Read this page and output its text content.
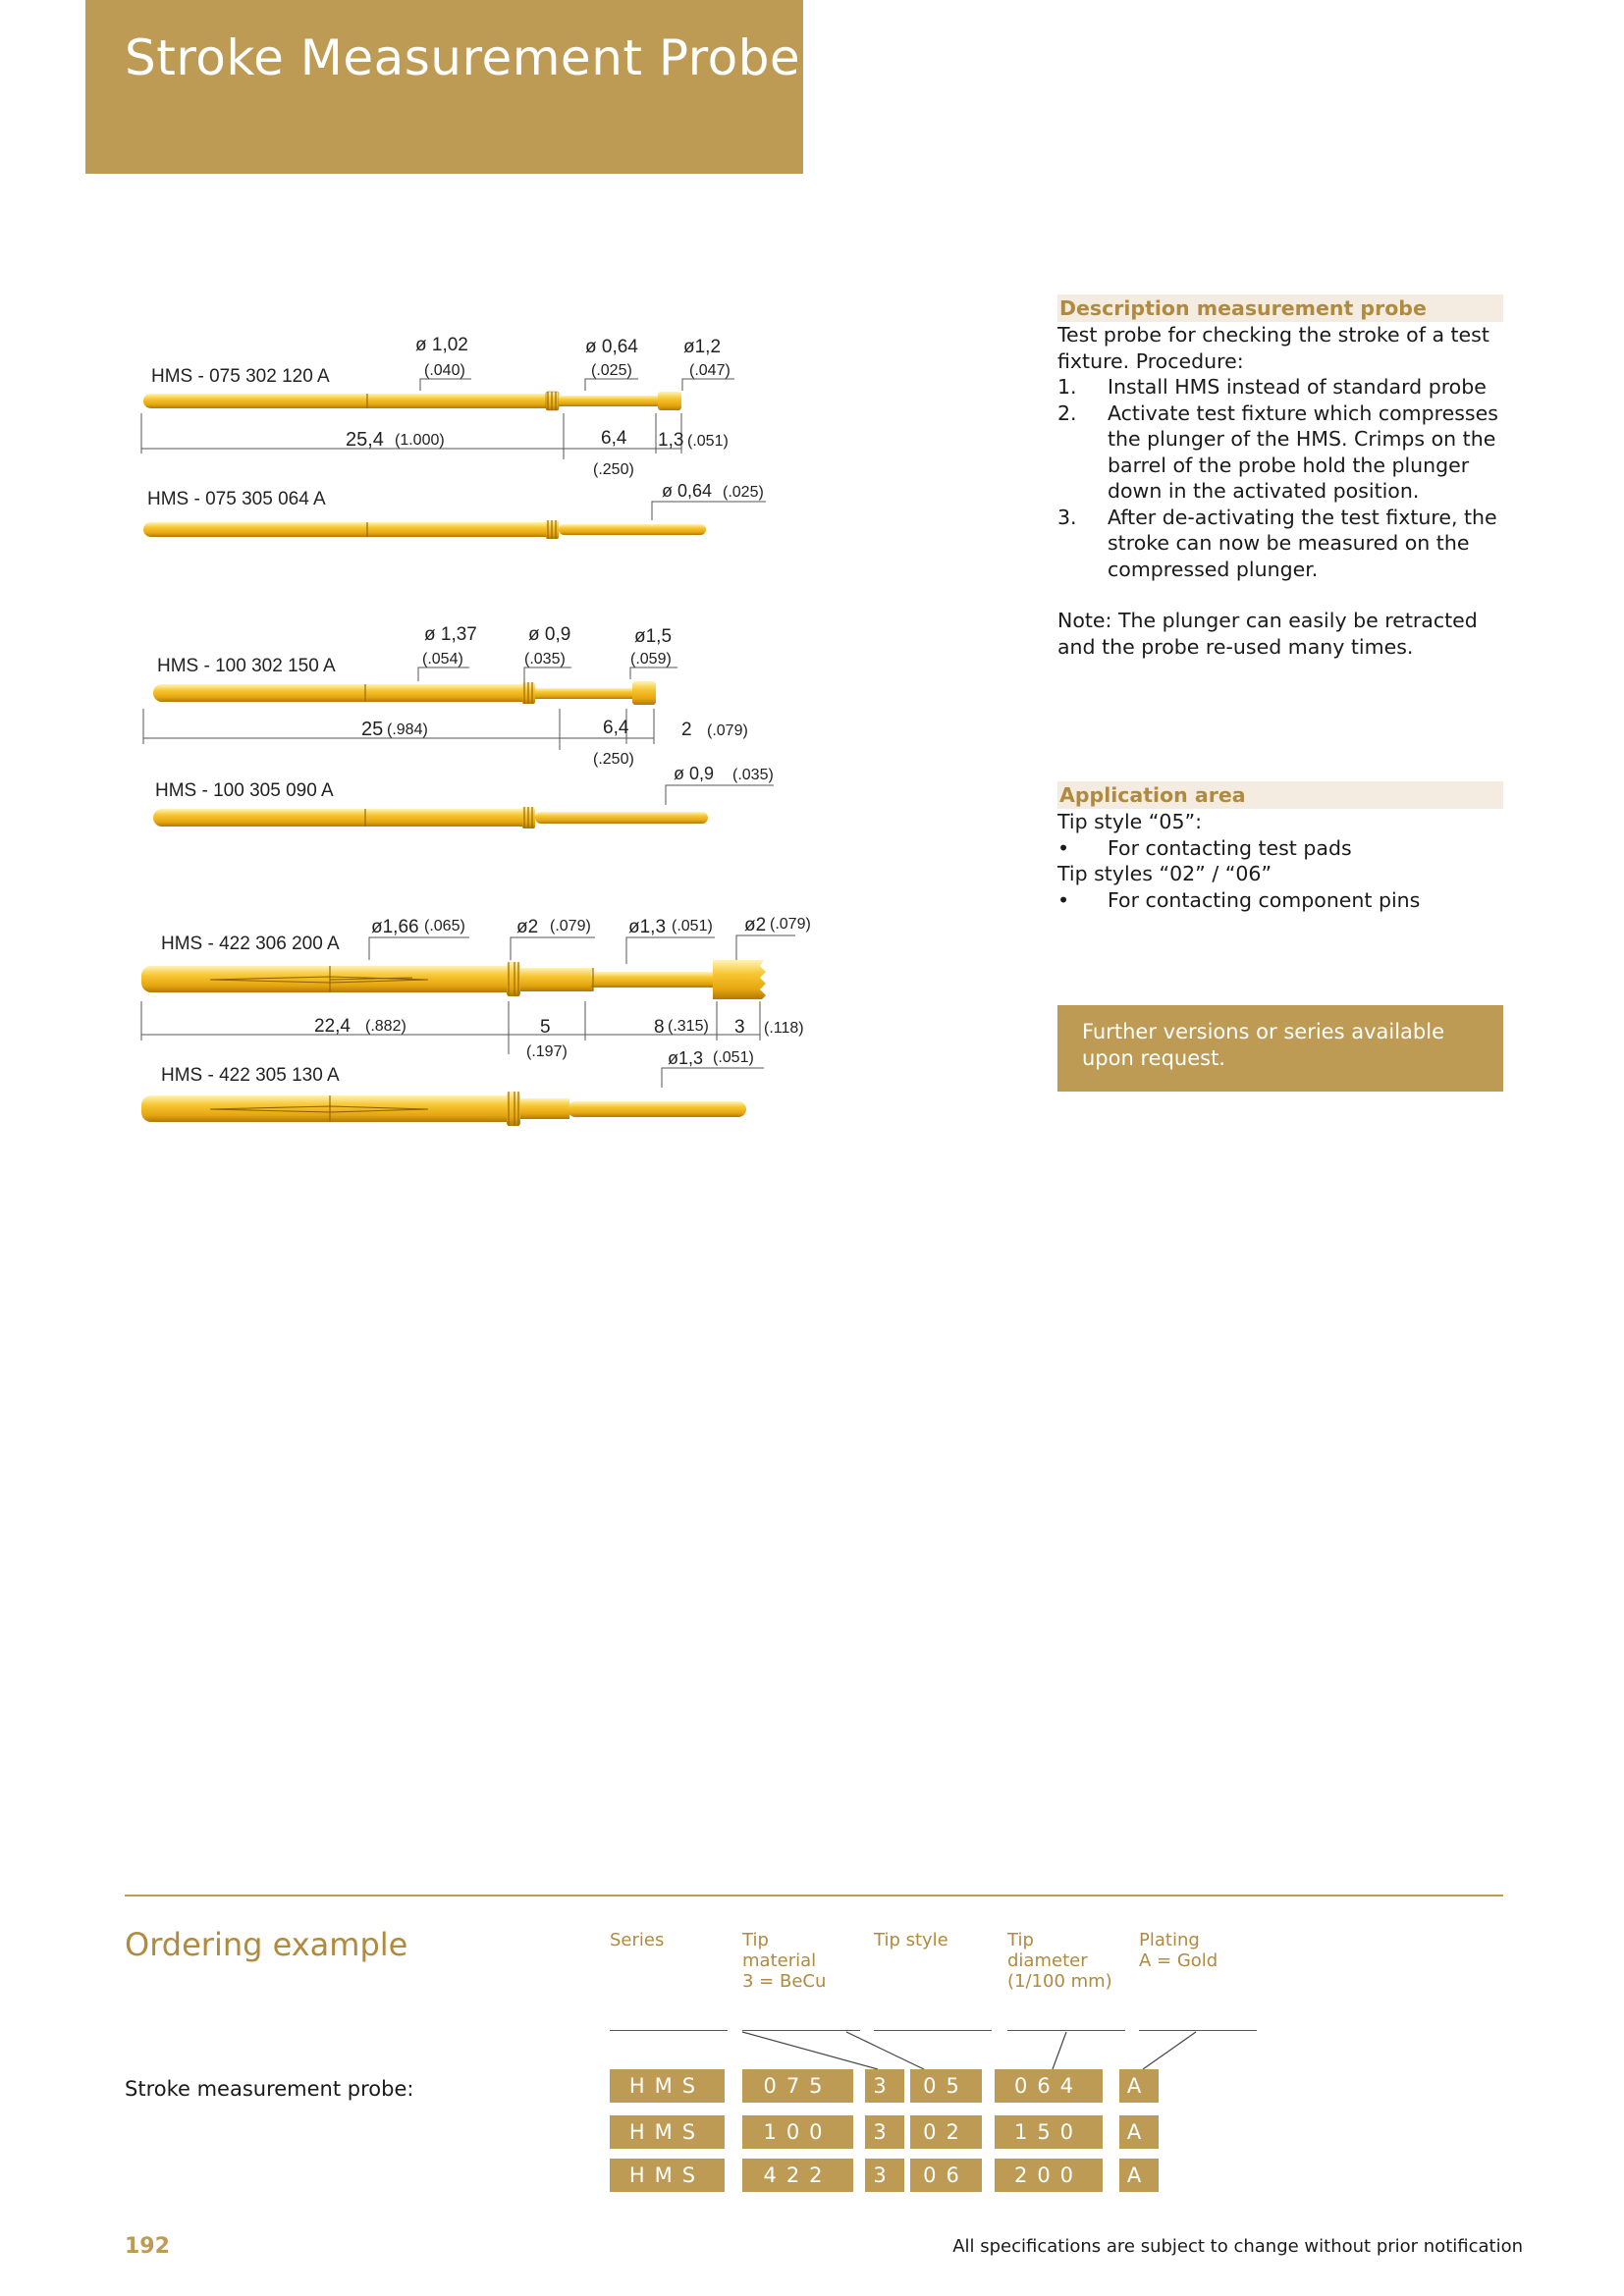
Stroke Measurement Probe
HMS - 075 302 120 A
ø 1,02
(.040)
ø 0,64
(.025)
ø1,2
(.047)
25,4 (1.000)	6,4
(.250)
1,3 (.051)
HMS - 075 305 064 A	ø 0,64 (.025)
HMS - 100 302 150 A
ø 1,37
(.054)
ø 0,9
(.035)
ø1,5
(.059)
25 (.984)	6,4
(.250)
2 (.079)
HMS - 100 305 090 A
ø 0,9 (.035)
HMS - 422 306 200 A
ø1,66 (.065)	ø2 (.079) ø1,3 (.051) ø2 (.079)
22,4 (.882)	5
(.197)
8 (.315) 3 (.118)
HMS - 422 305 130 A
ø1,3 (.051)
Description measurement probe

Test probe for checking the stroke of a test fixture. Procedure:

1. Install HMS instead of standard probe
2. Activate test fixture which compresses the plunger of the HMS. Crimps on the barrel of the probe hold the plunger down in the activated position.
3. After de-activating the test fixture, the stroke can now be measured on the compressed plunger.

Note: The plunger can easily be retracted and the probe re-used many times.

Application area

Tip style “05”:

• For contacting test pads

Tip styles “02” / “06”

• For contacting component pins
Further versions or series available upon request.
Ordering example	Series	Tip
material
3 = BeCu
Tip style	Tip
diameter
(1/100 mm)
Plating
A = Gold
Stroke measurement probe:	HMS	075	3	05	064	A
HMS	100	3	02	150	A
HMS	422	3	06	200	A
192	All specifications are subject to change without prior notification
